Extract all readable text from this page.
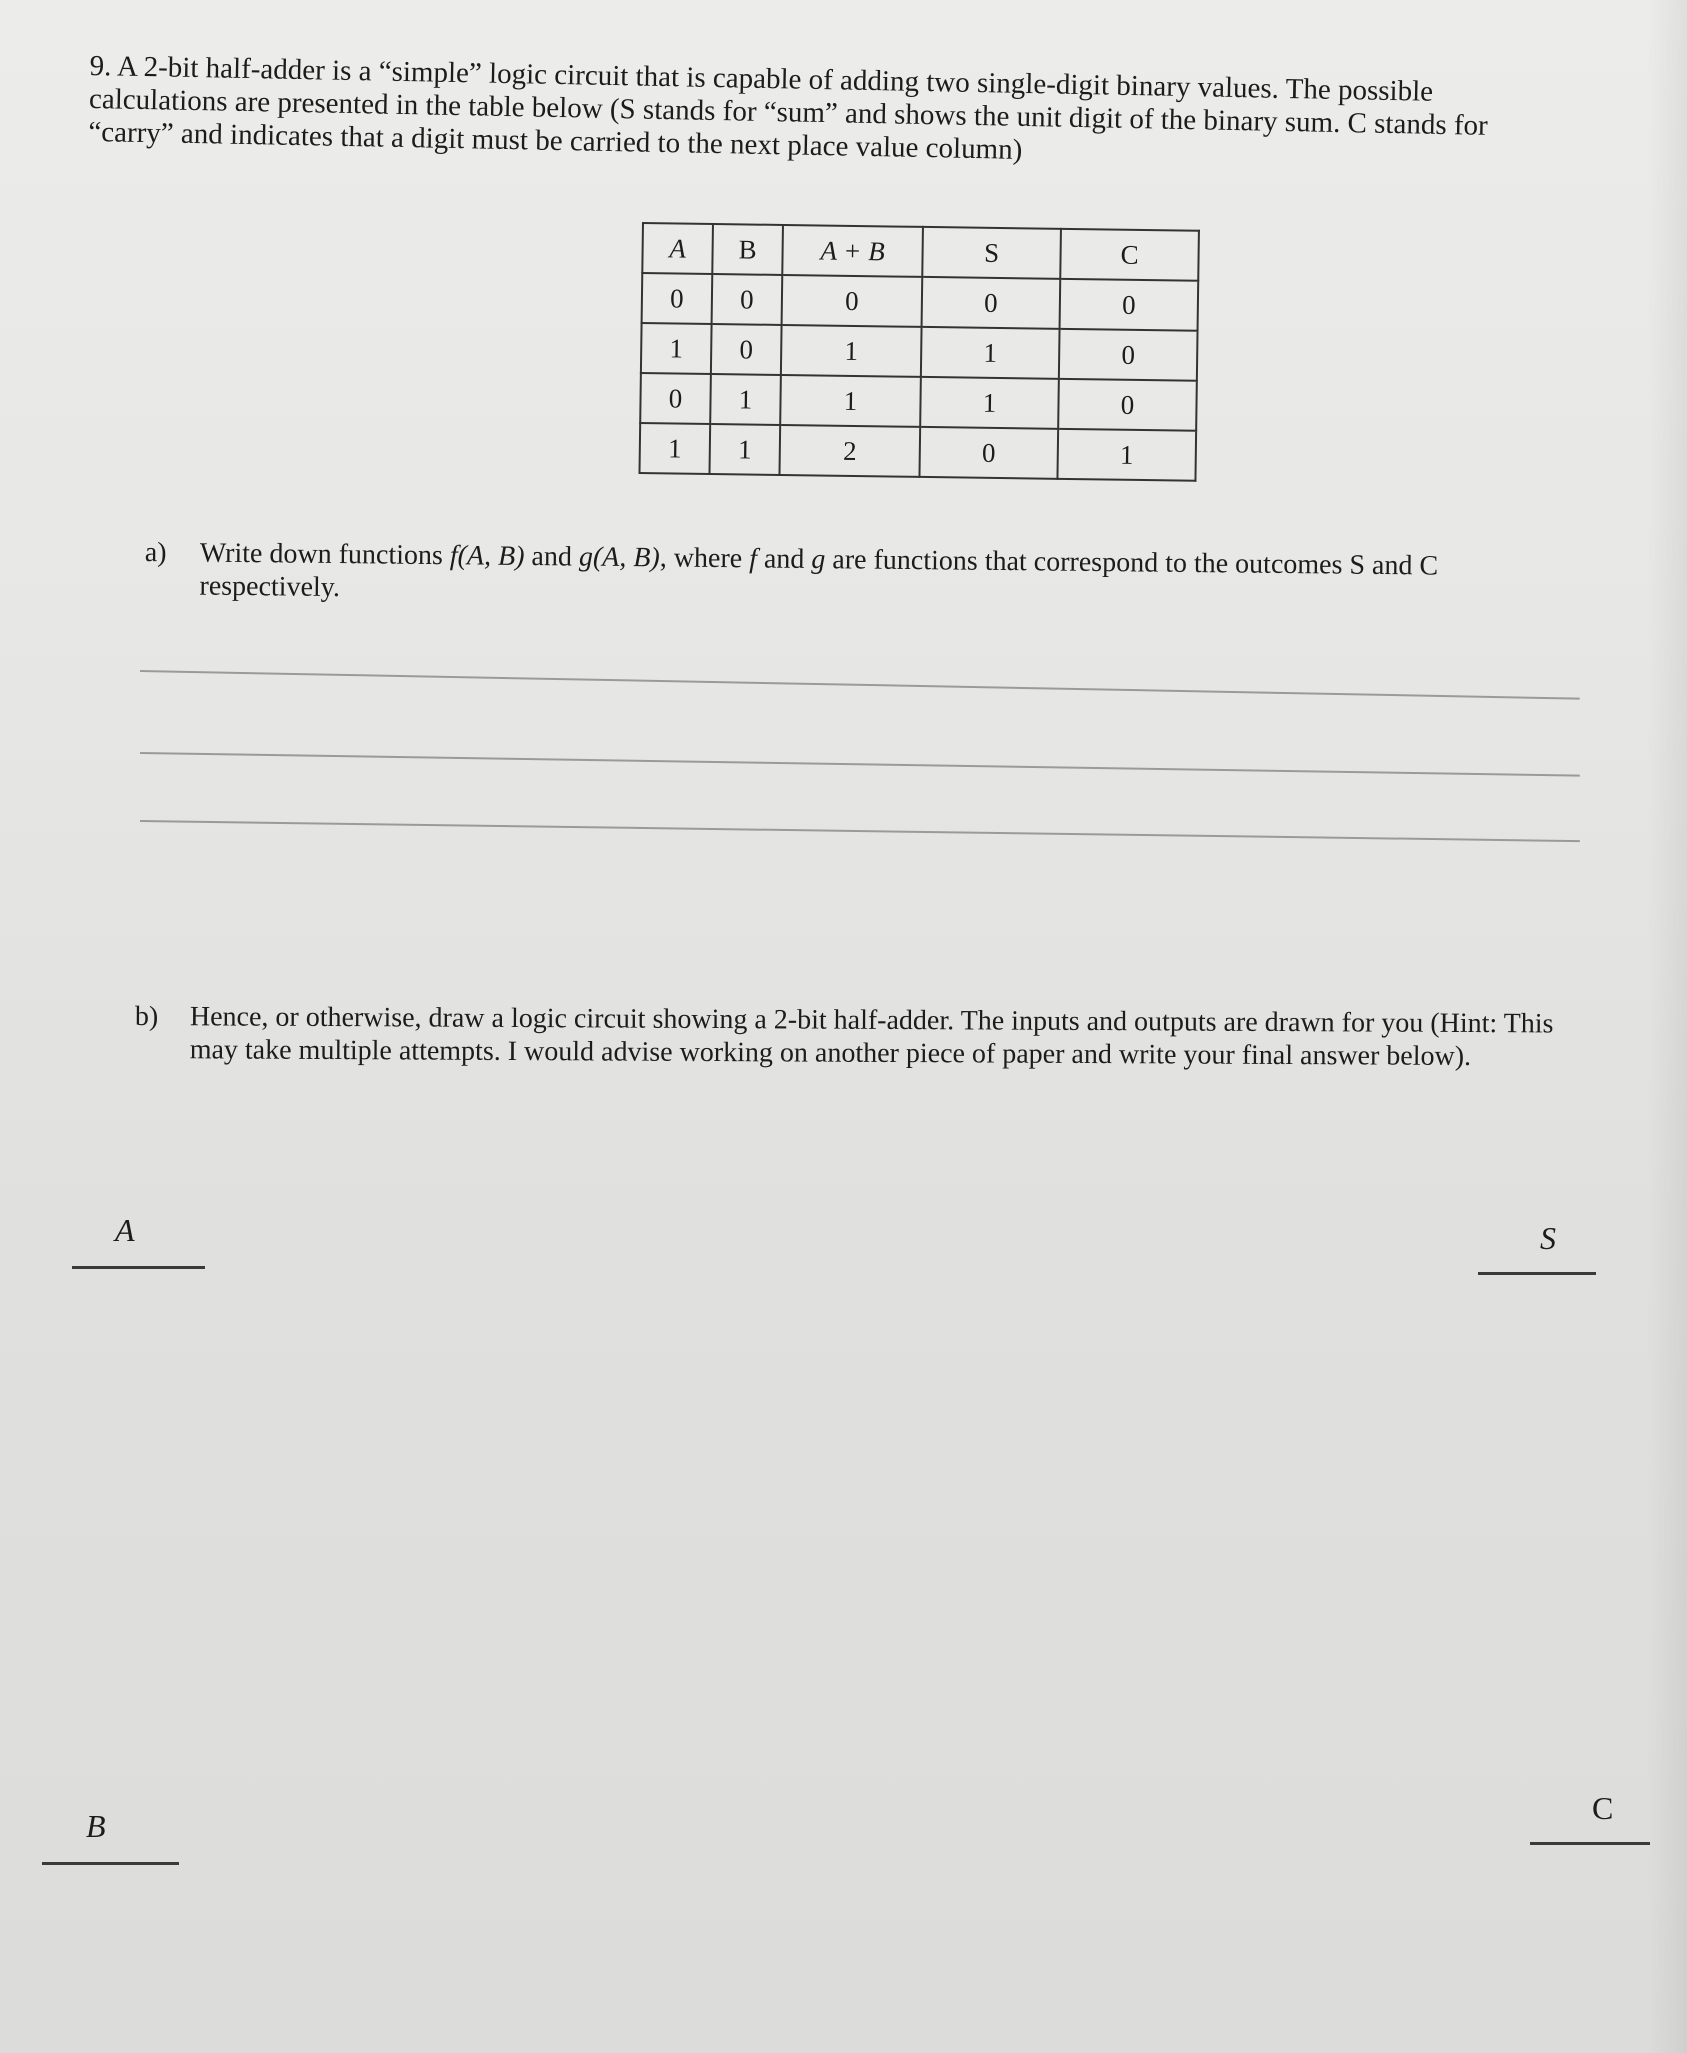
9. A 2-bit half-adder is a “simple” logic circuit that is capable of adding two single-digit binary values. The possible calculations are presented in the table below (S stands for “sum” and shows the unit digit of the binary sum. C stands for “carry” and indicates that a digit must be carried to the next place value column)

A	B	A + B	S	C
0	0	0	0	0
1	0	1	1	0
0	1	1	1	0
1	1	2	0	1
a) Write down functions f(A, B) and g(A, B), where f and g are functions that correspond to the outcomes S and C respectively.
b) Hence, or otherwise, draw a logic circuit showing a 2-bit half-adder. The inputs and outputs are drawn for you (Hint: This may take multiple attempts. I would advise working on another piece of paper and write your final answer below).
A	S
B	C
